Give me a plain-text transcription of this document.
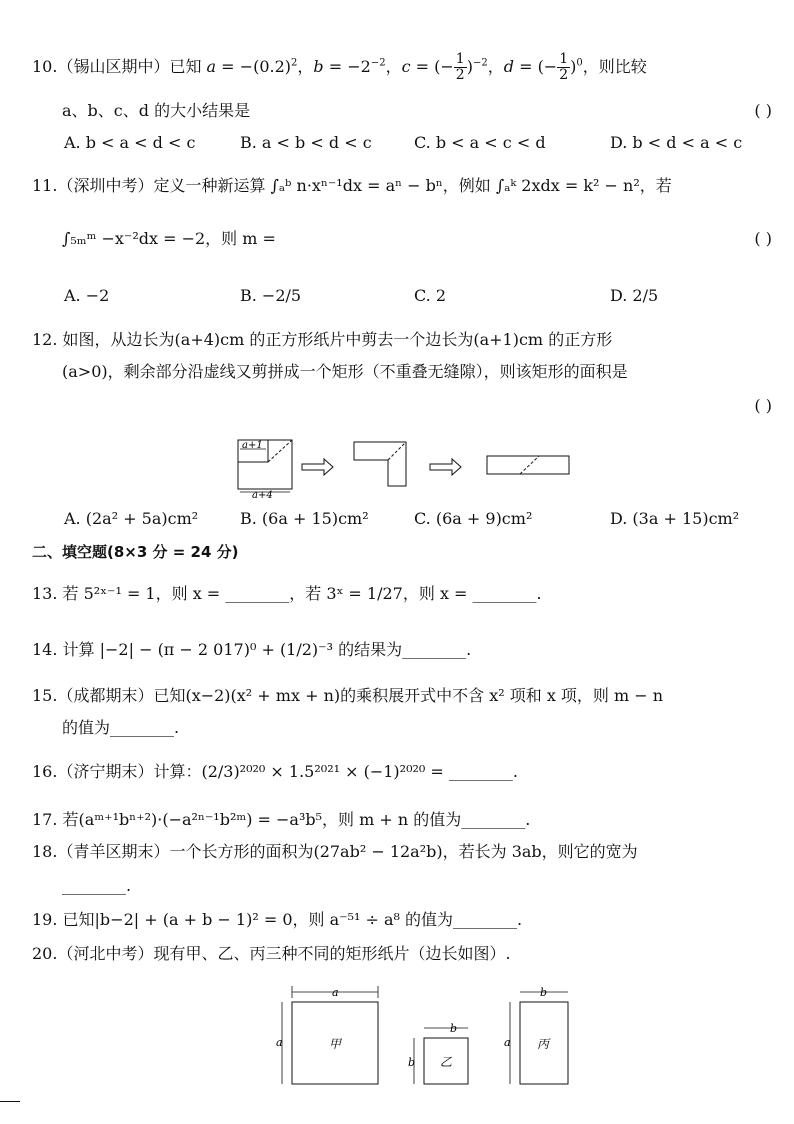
10.（锡山区期中）已知 $a = -(0.2)^2$，$b = -2^{-2}$，c = (− $\frac{1}{2} )^{-2}$，d = (− $\frac{1}{2} )^0$，则比较
a、b、c、d 的大小结果是	( )
A. b < a < d < c	B. a < b < d < c	C. b < a < c < d	D. b < d < a < c
11.（深圳中考）定义一种新运算 ∫ₐᵇ n·xⁿ⁻¹dx = aⁿ − bⁿ，例如 ∫ₐᵏ 2xdx = k² − n²，若
∫₅ₘᵐ −x⁻²dx = −2，则 m =	( )
A. −2	B. −2/5	C. 2	D. 2/5
12. 如图，从边长为(a+4)cm 的正方形纸片中剪去一个边长为(a+1)cm 的正方形
(a>0)，剩余部分沿虚线又剪拼成一个矩形（不重叠无缝隙），则该矩形的面积是
( )
a+1
a+4
A. (2a² + 5a)cm²	B. (6a + 15)cm²	C. (6a + 9)cm²	D. (3a + 15)cm²
二、填空题(8×3 分 = 24 分)
13. 若 5²ˣ⁻¹ = 1，则 x = ________，若 3ˣ = 1/27，则 x = ________.
14. 计算 |−2| − (π − 2 017)⁰ + (1/2)⁻³ 的结果为________.
15.（成都期末）已知(x−2)(x² + mx + n)的乘积展开式中不含 x² 项和 x 项，则 m − n
的值为________.
16.（济宁期末）计算：(2/3)²⁰²⁰ × 1.5²⁰²¹ × (−1)²⁰²⁰ = ________.
17. 若(aᵐ⁺¹bⁿ⁺²)·(−a²ⁿ⁻¹b²ᵐ) = −a³b⁵，则 m + n 的值为________.
18.（青羊区期末）一个长方形的面积为(27ab² − 12a²b)，若长为 3ab，则它的宽为
________.
19. 已知|b−2| + (a + b − 1)² = 0，则 a⁻⁵¹ ÷ a⁸ 的值为________.
20.（河北中考）现有甲、乙、丙三种不同的矩形纸片（边长如图）.
a
a	甲
b
b 乙
b
a 丙
